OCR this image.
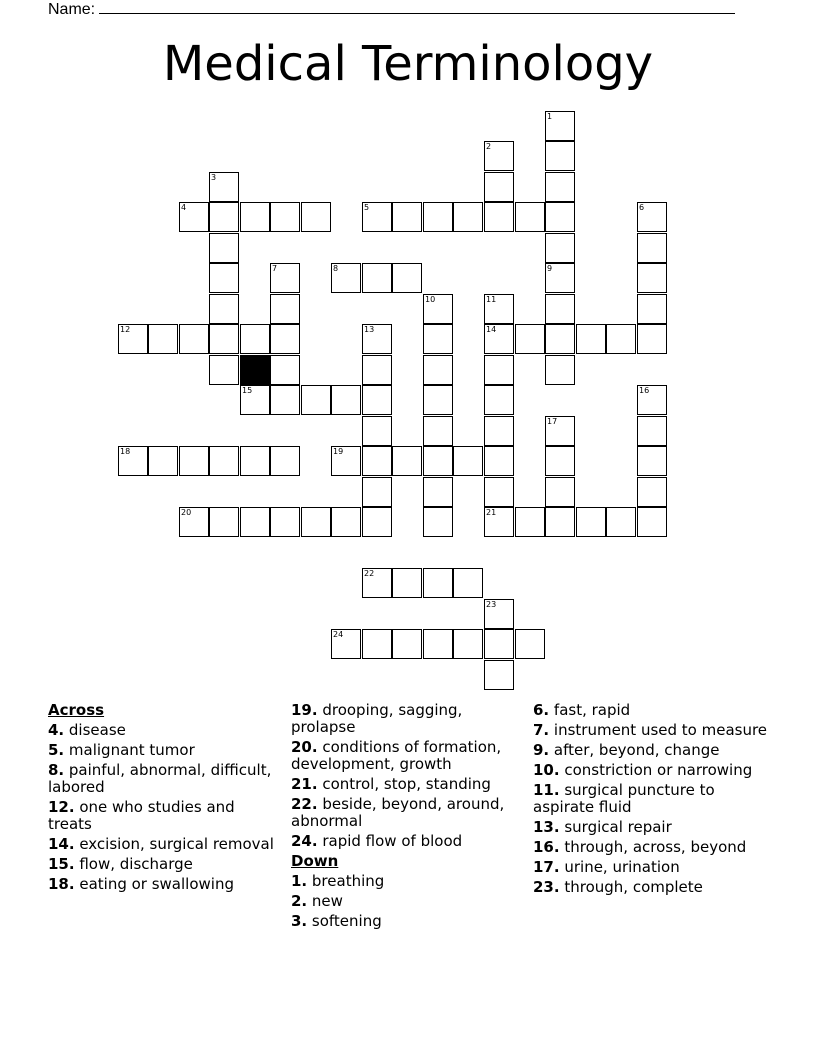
Name:
Medical Terminology
1
2
3
4	5	6
7	8	9
10	11
12	13
15	16
17
18	19
20
22
23
24
14
21
Across
4. disease
5. malignant tumor
8. painful, abnormal, difficult, labored
12. one who studies and treats
14. excision, surgical removal
15. flow, discharge
18. eating or swallowing
19. drooping, sagging, prolapse
20. conditions of formation, development, growth
21. control, stop, standing
22. beside, beyond, around, abnormal
24. rapid flow of blood
Down
1. breathing
2. new
3. softening
6. fast, rapid
7. instrument used to measure
9. after, beyond, change
10. constriction or narrowing
11. surgical puncture to aspirate fluid
13. surgical repair
16. through, across, beyond
17. urine, urination
23. through, complete
